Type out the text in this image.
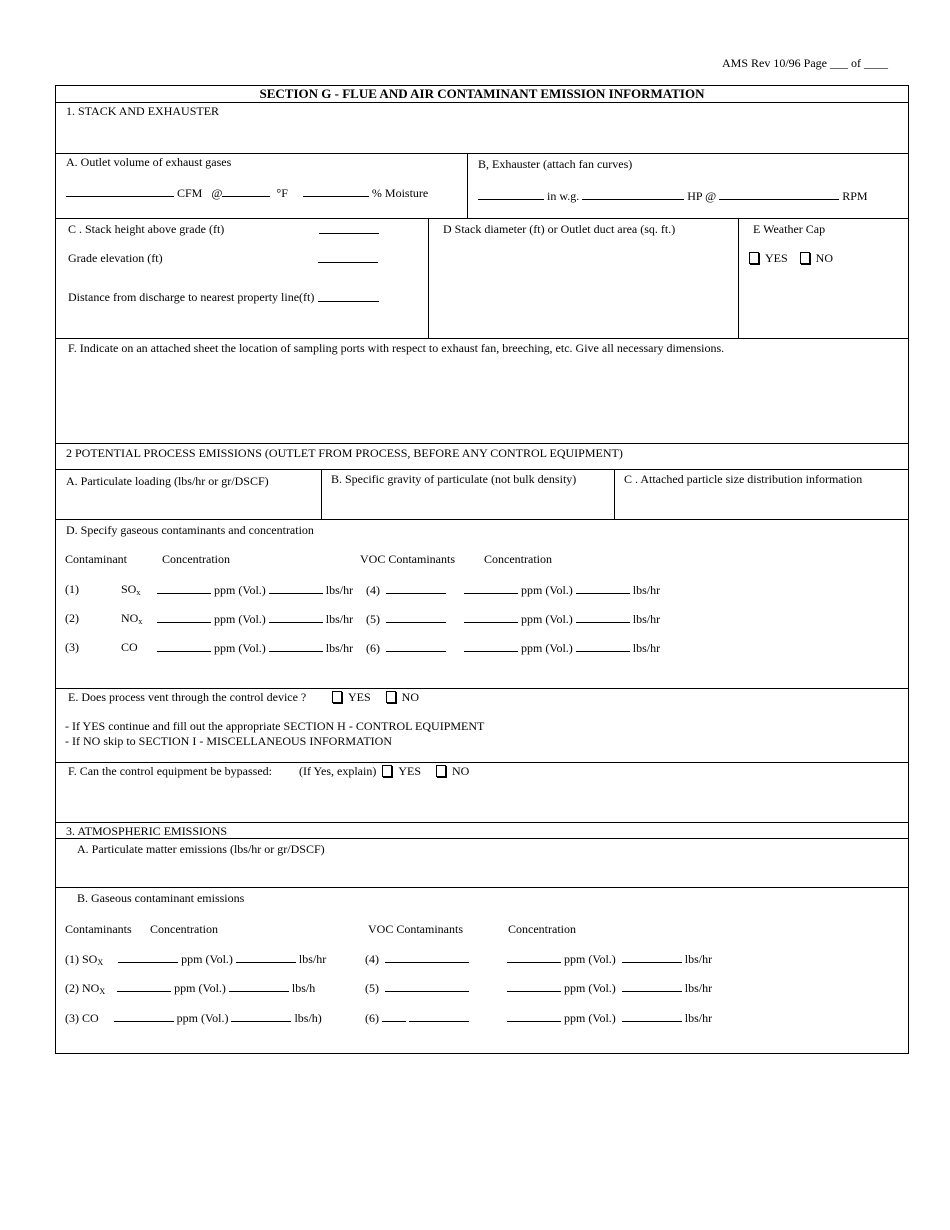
AMS Rev 10/96 Page ___ of ____
SECTION G - FLUE AND AIR CONTAMINANT EMISSION INFORMATION
1. STACK AND EXHAUSTER
A. Outlet volume of exhaust gases
CFM @	°F	% Moisture
B, Exhauster (attach fan curves)
in w.g.	HP @	RPM
C . Stack height above grade (ft)
Grade elevation (ft)
Distance from discharge to nearest property line(ft)
D Stack diameter (ft) or Outlet duct area (sq. ft.)	E Weather Cap
YES NO
F. Indicate on an attached sheet the location of sampling ports with respect to exhaust fan, breeching, etc. Give all necessary dimensions.
2 POTENTIAL PROCESS EMISSIONS (OUTLET FROM PROCESS, BEFORE ANY CONTROL EQUIPMENT)
A. Particulate loading (lbs/hr or gr/DSCF)	B. Specific gravity of particulate (not bulk density)	C . Attached particle size distribution information
D. Specify gaseous contaminants and concentration
Contaminant	Concentration	VOC Contaminants Concentration
(1)	$SO_x$	ppm (Vol.)	lbs/hr (4)	ppm (Vol.)	lbs/hr
(2)	$NO_x$	ppm (Vol.)	lbs/hr (5)	ppm (Vol.)	lbs/hr
(3)	CO	ppm (Vol.)	lbs/hr (6)	ppm (Vol.)	lbs/hr
E. Does process vent through the control device ?	YES	NO
- If YES continue and fill out the appropriate SECTION H - CONTROL EQUIPMENT
- If NO skip to SECTION I - MISCELLANEOUS INFORMATION
F. Can the control equipment be bypassed: (If Yes, explain) YES	NO
3. ATMOSPHERIC EMISSIONS
A. Particulate matter emissions (lbs/hr or gr/DSCF)
B. Gaseous contaminant emissions
Contaminants Concentration	VOC Contaminants	Concentration
(1) $SO_X$	ppm (Vol.)	lbs/hr	(4)	ppm (Vol.)	lbs/hr
(2) $NO_X$	ppm (Vol.)	lbs/h	(5)	ppm (Vol.)	lbs/hr
(3) CO	ppm (Vol.)	lbs/h)	(6)	ppm (Vol.)	lbs/hr
